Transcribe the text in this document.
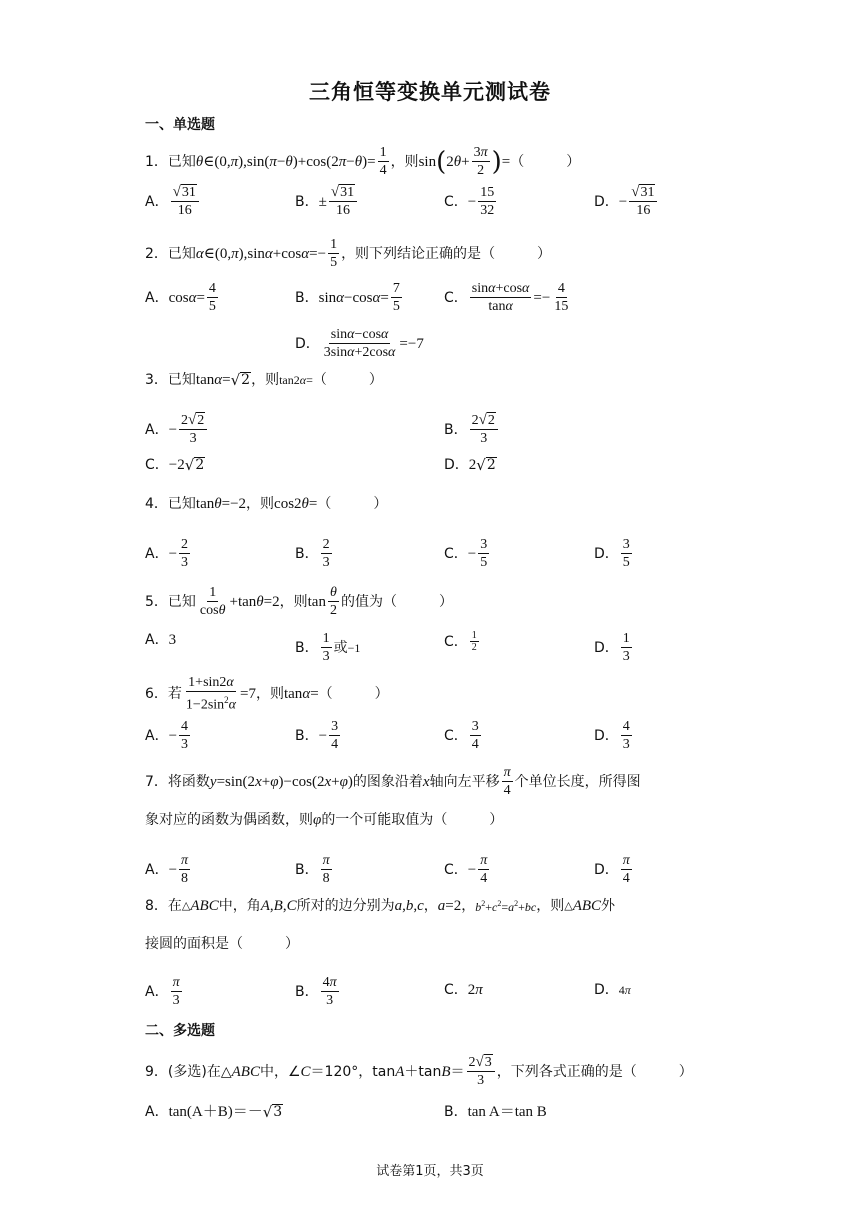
三角恒等变换单元测试卷
一、单选题
1． 已知 θ ∈(0, π ),sin( π − θ )+cos(2 π − θ )= $\frac{1}{4}$ ，则 sin ( 2 $\theta + \frac{3\pi}{2}$ ) = （　　　）
A． $\frac{√ 31}{16}$	B． ± $\frac{√ 31}{16}$	C． − $\frac{15}{32}$	D． − $\frac{√ 31}{16}$
2． 已知 α ∈(0, π ),sin α +cos $\alpha =- \frac{1}{5}$ ，则下列结论正确的是 （　　　）
A． $\cos \alpha = \frac{4}{5}$	B． sin α −cos $\alpha = \frac{7}{5}$	C． $\frac{\sin\alpha+\cos\alpha}{\tan\alpha} =- \frac{4}{15}$
D． $\frac{\sin\alpha-\cos\alpha}{3\sin\alpha+2\cos\alpha} =-7$
3． 已知 tan α = √ 2 ，则 tan2α= （　　　）
A． − $\frac{2 √ 2}{3}$	B． $\frac{2 √ 2}{3}$
C． −2 √ 2	D． 2 √ 2
4． 已知 tan θ =−2 ，则 cos2 θ = （　　　）
A． − $\frac{2}{3}$	B． $\frac{2}{3}$	C． − $\frac{3}{5}$	D． $\frac{3}{5}$
5． 已知 $\frac{1}{\cos\theta} +\tan$ θ =2 ，则 $\tan \frac{\theta}{2}$ 的值为 （　　　）
A． 3	B． $\frac{1}{3}$ 或 −1	C． $\frac{1}{2}$	D． $\frac{1}{3}$
6． 若 $\frac{1+\sin 2\alpha}{1-2\sin^2\alpha} =7$ ，则 tan α = （　　　）
A． − $\frac{4}{3}$	B． − $\frac{3}{4}$	C． $\frac{3}{4}$	D． $\frac{4}{3}$
7． 将函数 y =sin(2 x + φ )−cos(2 x + φ ) 的图象沿着 x 轴向左平移 $\frac{\pi}{4}$ 个单位长度，所得图
象对应的函数为偶函数，则 φ 的一个可能取值为 （　　　）
A． − $\frac{\pi}{8}$	B． $\frac{\pi}{8}$	C． − $\frac{\pi}{4}$	D． $\frac{\pi}{4}$
8． 在 △ ABC 中，角 A , B , C 所对的边分别为 a , b , c ， a =2 ， $b^2+c^2=a^2+bc$ ，则 △ ABC 外
接圆的面积是 （　　　）
A． $\frac{\pi}{3}$	B． $\frac{4\pi}{3}$	C． 2 π	D． 4π
二、多选题
9． (多选)在△ ABC 中，∠ C ＝120°，tan A ＋tan $B = \frac{2 √ 3}{3}$ ，下列各式正确的是 （　　　）
A． tan(A＋B)＝－ √ 3	B． tan A＝tan B
试卷第1页，共3页
